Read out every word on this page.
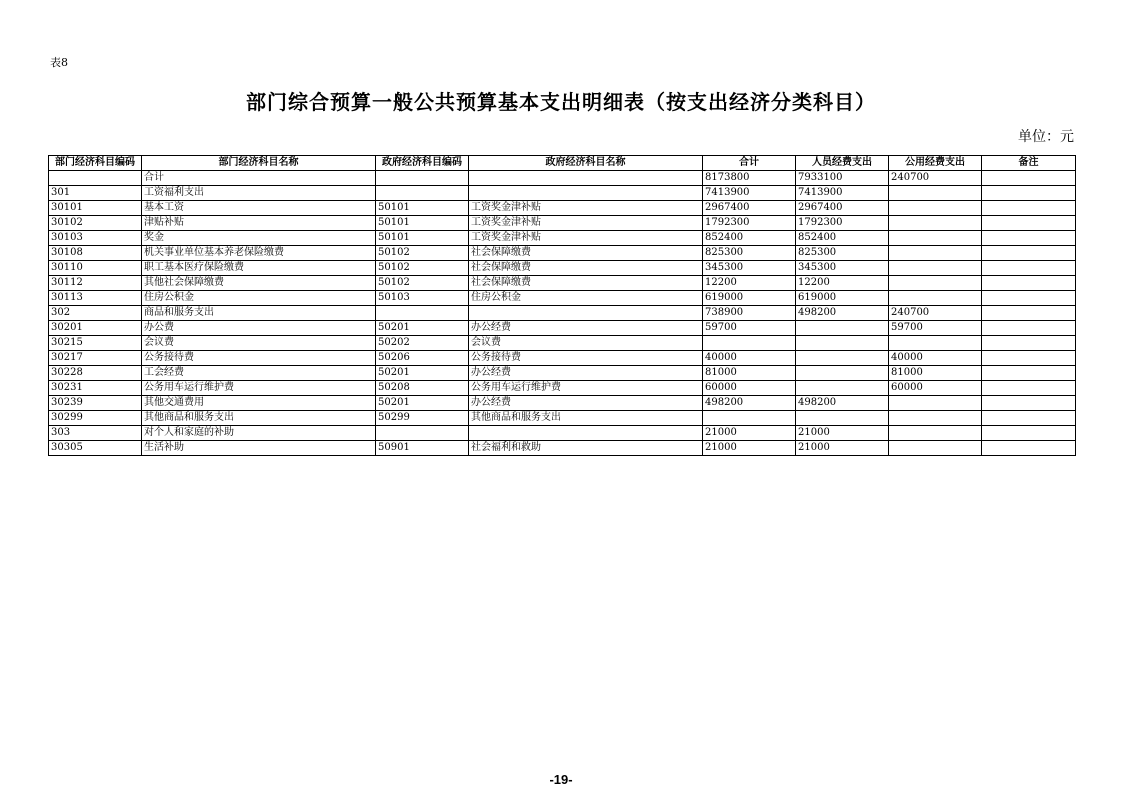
表8
部门综合预算一般公共预算基本支出明细表（按支出经济分类科目）
单位：元
部门经济科目编码	部门经济科目名称	政府经济科目编码	政府经济科目名称	合计	人员经费支出	公用经费支出	备注
	合计			8173800	7933100	240700	
301	工资福利支出			7413900	7413900		
30101	基本工资	50101	工资奖金津补贴	2967400	2967400		
30102	津贴补贴	50101	工资奖金津补贴	1792300	1792300		
30103	奖金	50101	工资奖金津补贴	852400	852400		
30108	机关事业单位基本养老保险缴费	50102	社会保障缴费	825300	825300		
30110	职工基本医疗保险缴费	50102	社会保障缴费	345300	345300		
30112	其他社会保障缴费	50102	社会保障缴费	12200	12200		
30113	住房公积金	50103	住房公积金	619000	619000		
302	商品和服务支出			738900	498200	240700	
30201	办公费	50201	办公经费	59700		59700	
30215	会议费	50202	会议费				
30217	公务接待费	50206	公务接待费	40000		40000	
30228	工会经费	50201	办公经费	81000		81000	
30231	公务用车运行维护费	50208	公务用车运行维护费	60000		60000	
30239	其他交通费用	50201	办公经费	498200	498200		
30299	其他商品和服务支出	50299	其他商品和服务支出				
303	对个人和家庭的补助			21000	21000		
30305	生活补助	50901	社会福利和救助	21000	21000		
-19-
